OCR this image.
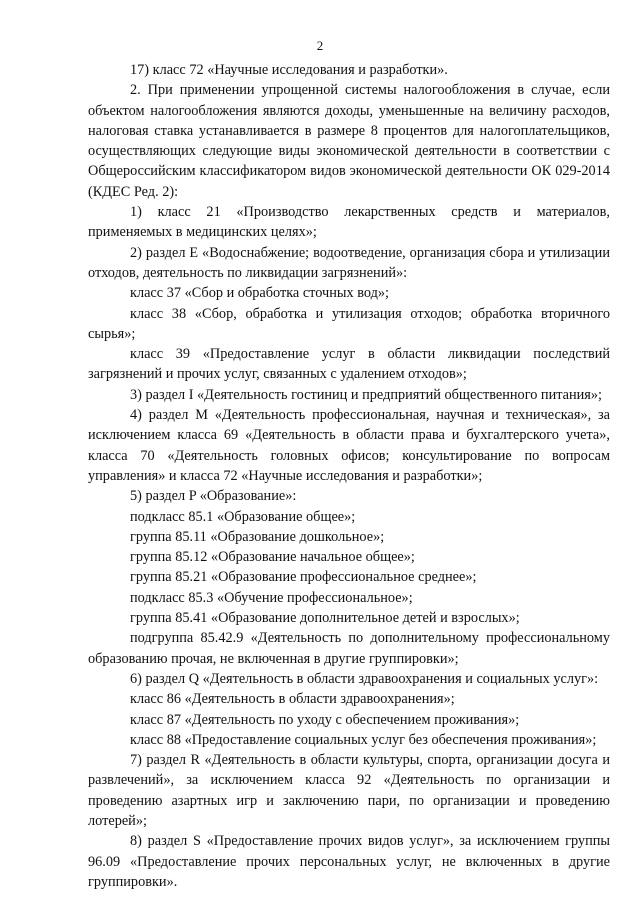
2

17) класс 72 «Научные исследования и разработки».

2. При применении упрощенной системы налогообложения в случае, если объектом налогообложения являются доходы, уменьшенные на величину расходов, налоговая ставка устанавливается в размере 8 процентов для налогоплательщиков, осуществляющих следующие виды экономической деятельности в соответствии с Общероссийским классификатором видов экономической деятельности ОК 029-2014 (КДЕС Ред. 2):

1) класс 21 «Производство лекарственных средств и материалов, применяемых в медицинских целях»;

2) раздел E «Водоснабжение; водоотведение, организация сбора и утилизации отходов, деятельность по ликвидации загрязнений»:

класс 37 «Сбор и обработка сточных вод»;

класс 38 «Сбор, обработка и утилизация отходов; обработка вторичного сырья»;

класс 39 «Предоставление услуг в области ликвидации последствий загрязнений и прочих услуг, связанных с удалением отходов»;

3) раздел I «Деятельность гостиниц и предприятий общественного питания»;

4) раздел M «Деятельность профессиональная, научная и техническая», за исключением класса 69 «Деятельность в области права и бухгалтерского учета», класса 70 «Деятельность головных офисов; консультирование по вопросам управления» и класса 72 «Научные исследования и разработки»;

5) раздел P «Образование»:

подкласс 85.1 «Образование общее»;

группа 85.11 «Образование дошкольное»;

группа 85.12 «Образование начальное общее»;

группа 85.21 «Образование профессиональное среднее»;

подкласс 85.3 «Обучение профессиональное»;

группа 85.41 «Образование дополнительное детей и взрослых»;

подгруппа 85.42.9 «Деятельность по дополнительному профессиональному образованию прочая, не включенная в другие группировки»;

6) раздел Q «Деятельность в области здравоохранения и социальных услуг»:

класс 86 «Деятельность в области здравоохранения»;

класс 87 «Деятельность по уходу с обеспечением проживания»;

класс 88 «Предоставление социальных услуг без обеспечения проживания»;

7) раздел R «Деятельность в области культуры, спорта, организации досуга и развлечений», за исключением класса 92 «Деятельность по организации и проведению азартных игр и заключению пари, по организации и проведению лотерей»;

8) раздел S «Предоставление прочих видов услуг», за исключением группы 96.09 «Предоставление прочих персональных услуг, не включенных в другие группировки».
